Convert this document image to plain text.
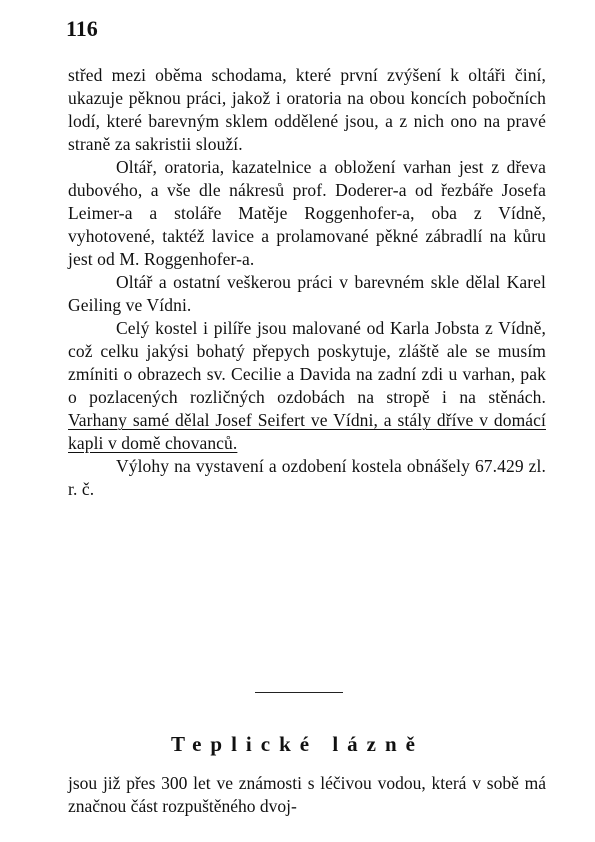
116

střed mezi oběma schodama, které první zvýšení k oltáři činí, ukazuje pěknou práci, jakož i oratoria na obou koncích pobočních lodí, které barevným sklem oddělené jsou, a z nich ono na pravé straně za sakristii slouží.

Oltář, oratoria, kazatelnice a obložení varhan jest z dřeva dubového, a vše dle nákresů prof. Doderer-a od řezbáře Josefa Leimer-a a stoláře Matěje Roggenhofer-a, oba z Vídně, vyhotovené, taktéž lavice a prolamované pěkné zábradlí na kůru jest od M. Roggenhofer-a.

Oltář a ostatní veškerou práci v barevném skle dělal Karel Geiling ve Vídni.

Celý kostel i pilíře jsou malované od Karla Jobsta z Vídně, což celku jakýsi bohatý přepych poskytuje, zláště ale se musím zmíniti o obrazech sv. Cecilie a Davida na zadní zdi u varhan, pak o pozlacených rozličných ozdobách na stropě i na stěnách. Varhany samé dělal Josef Seifert ve Vídni, a stály dříve v domácí kapli v domě chovanců.

Výlohy na vystavení a ozdobení kostela obnášely 67.429 zl. r. č.

Teplické lázně
jsou již přes 300 let ve známosti s léčivou vodou, která v sobě má značnou část rozpuštěného dvoj-
